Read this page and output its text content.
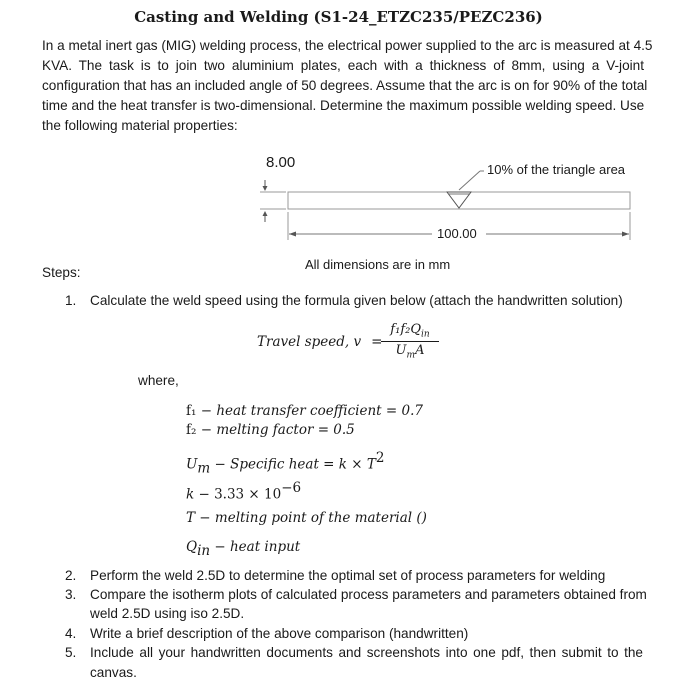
Casting and Welding (S1-24_ETZC235/PEZC236)
In a metal inert gas (MIG) welding process, the electrical power supplied to the arc is measured at 4.5
KVA. The task is to join two aluminium plates, each with a thickness of 8mm, using a V-joint
configuration that has an included angle of 50 degrees. Assume that the arc is on for 90% of the total
time and the heat transfer is two-dimensional. Determine the maximum possible welding speed. Use
the following material properties:
8.00	10% of the triangle area
100.00
All dimensions are in mm
Steps:
1. Calculate the weld speed using the formula given below (attach the handwritten solution)
Travel speed, v =
$f_1f_2Q_{in}$
$U_mA$
where,
f₁ − heat transfer coefficient = 0.7
f₂ − melting factor = 0.5
$U_m$ − Specific heat = $k \times T^2$
$k - 3.33 \times 10^{-6}$
T − melting point of the material ()
$Q_{in}$ − heat input
2. Perform the weld 2.5D to determine the optimal set of process parameters for welding
3. Compare the isotherm plots of calculated process parameters and parameters obtained from
weld 2.5D using iso 2.5D.
4. Write a brief description of the above comparison (handwritten)
5. Include all your handwritten documents and screenshots into one pdf, then submit to the
canvas.
